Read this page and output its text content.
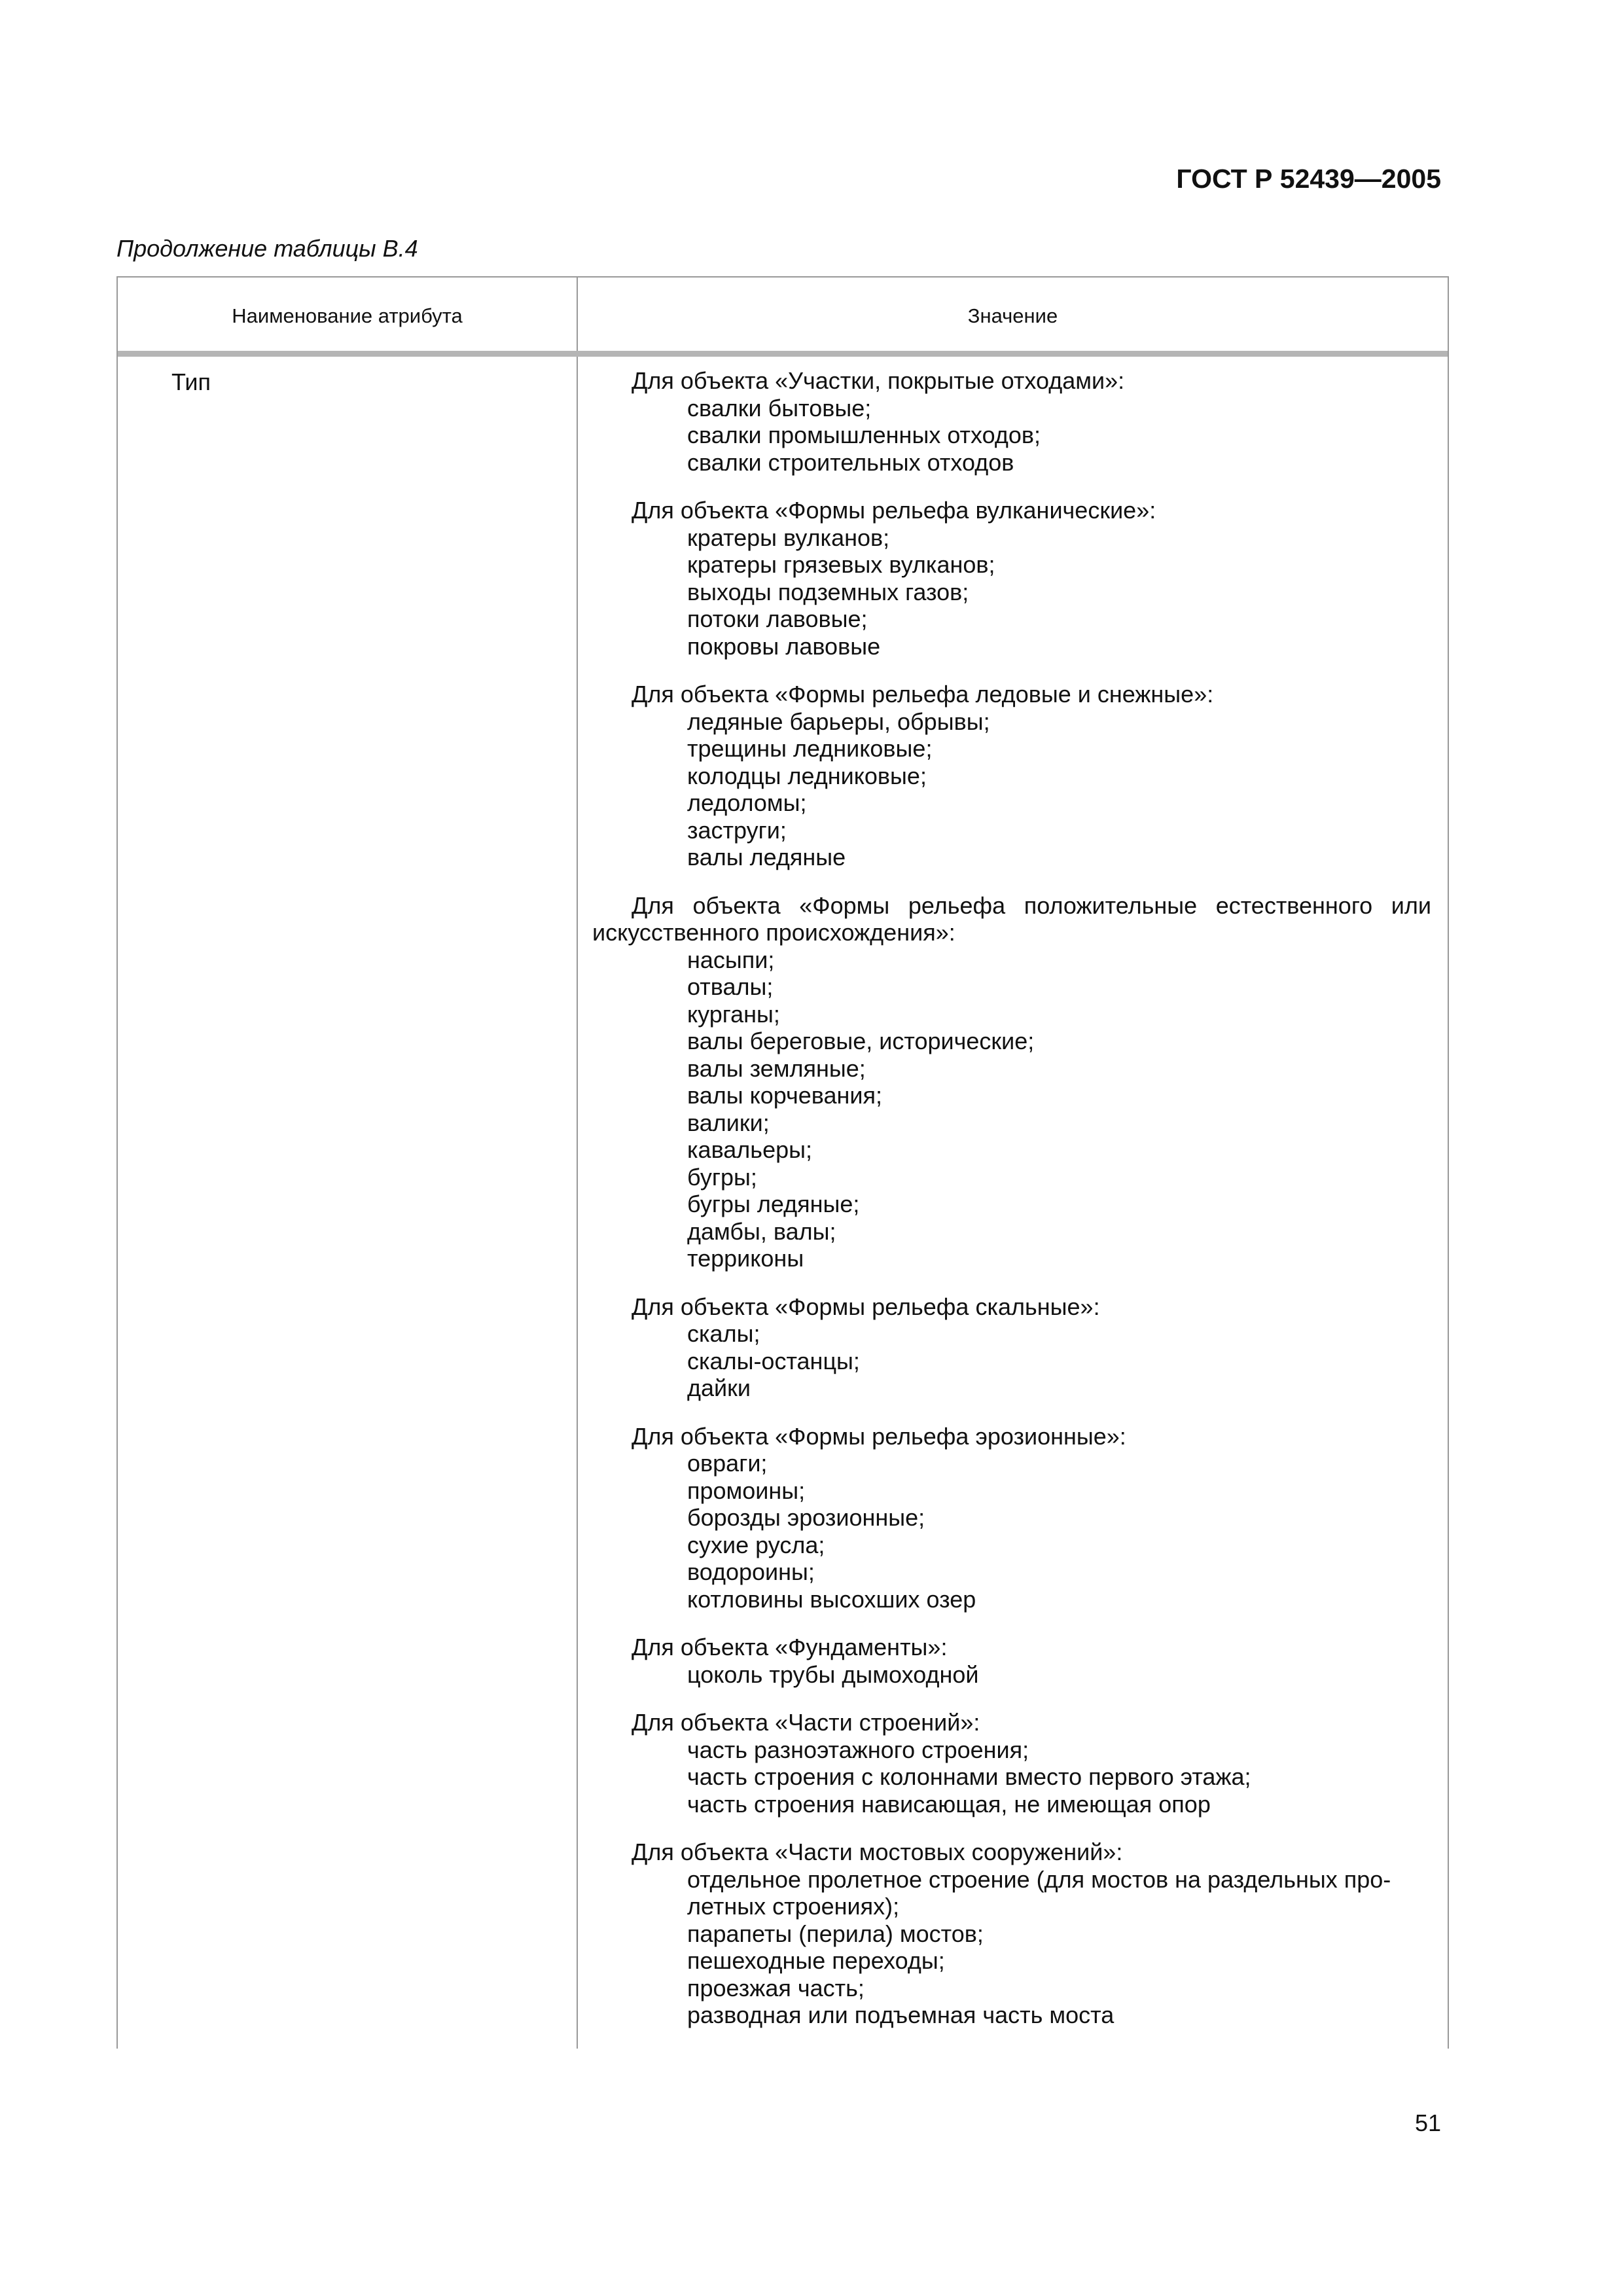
ГОСТ Р 52439—2005
Продолжение таблицы В.4
Наименование атрибута	Значение
Тип	Для объекта «Участки, покрытые отходами»:
свалки бытовые;
свалки промышленных отходов;
свалки строительных отходов
Для объекта «Формы рельефа вулканические»:
кратеры вулканов;
кратеры грязевых вулканов;
выходы подземных газов;
потоки лавовые;
покровы лавовые
Для объекта «Формы рельефа ледовые и снежные»:
ледяные барьеры, обрывы;
трещины ледниковые;
колодцы ледниковые;
ледоломы;
заструги;
валы ледяные
Для объекта «Формы рельефа положительные естественного или
искусственного происхождения»:
насыпи;
отвалы;
курганы;
валы береговые, исторические;
валы земляные;
валы корчевания;
валики;
кавальеры;
бугры;
бугры ледяные;
дамбы, валы;
терриконы
Для объекта «Формы рельефа скальные»:
скалы;
скалы-останцы;
дайки
Для объекта «Формы рельефа эрозионные»:
овраги;
промоины;
борозды эрозионные;
сухие русла;
водороины;
котловины высохших озер
Для объекта «Фундаменты»:
цоколь трубы дымоходной
Для объекта «Части строений»:
часть разноэтажного строения;
часть строения с колоннами вместо первого этажа;
часть строения нависающая, не имеющая опор
Для объекта «Части мостовых сооружений»:
отдельное пролетное строение (для мостов на раздельных про-
летных строениях);
парапеты (перила) мостов;
пешеходные переходы;
проезжая часть;
разводная или подъемная часть моста
51
